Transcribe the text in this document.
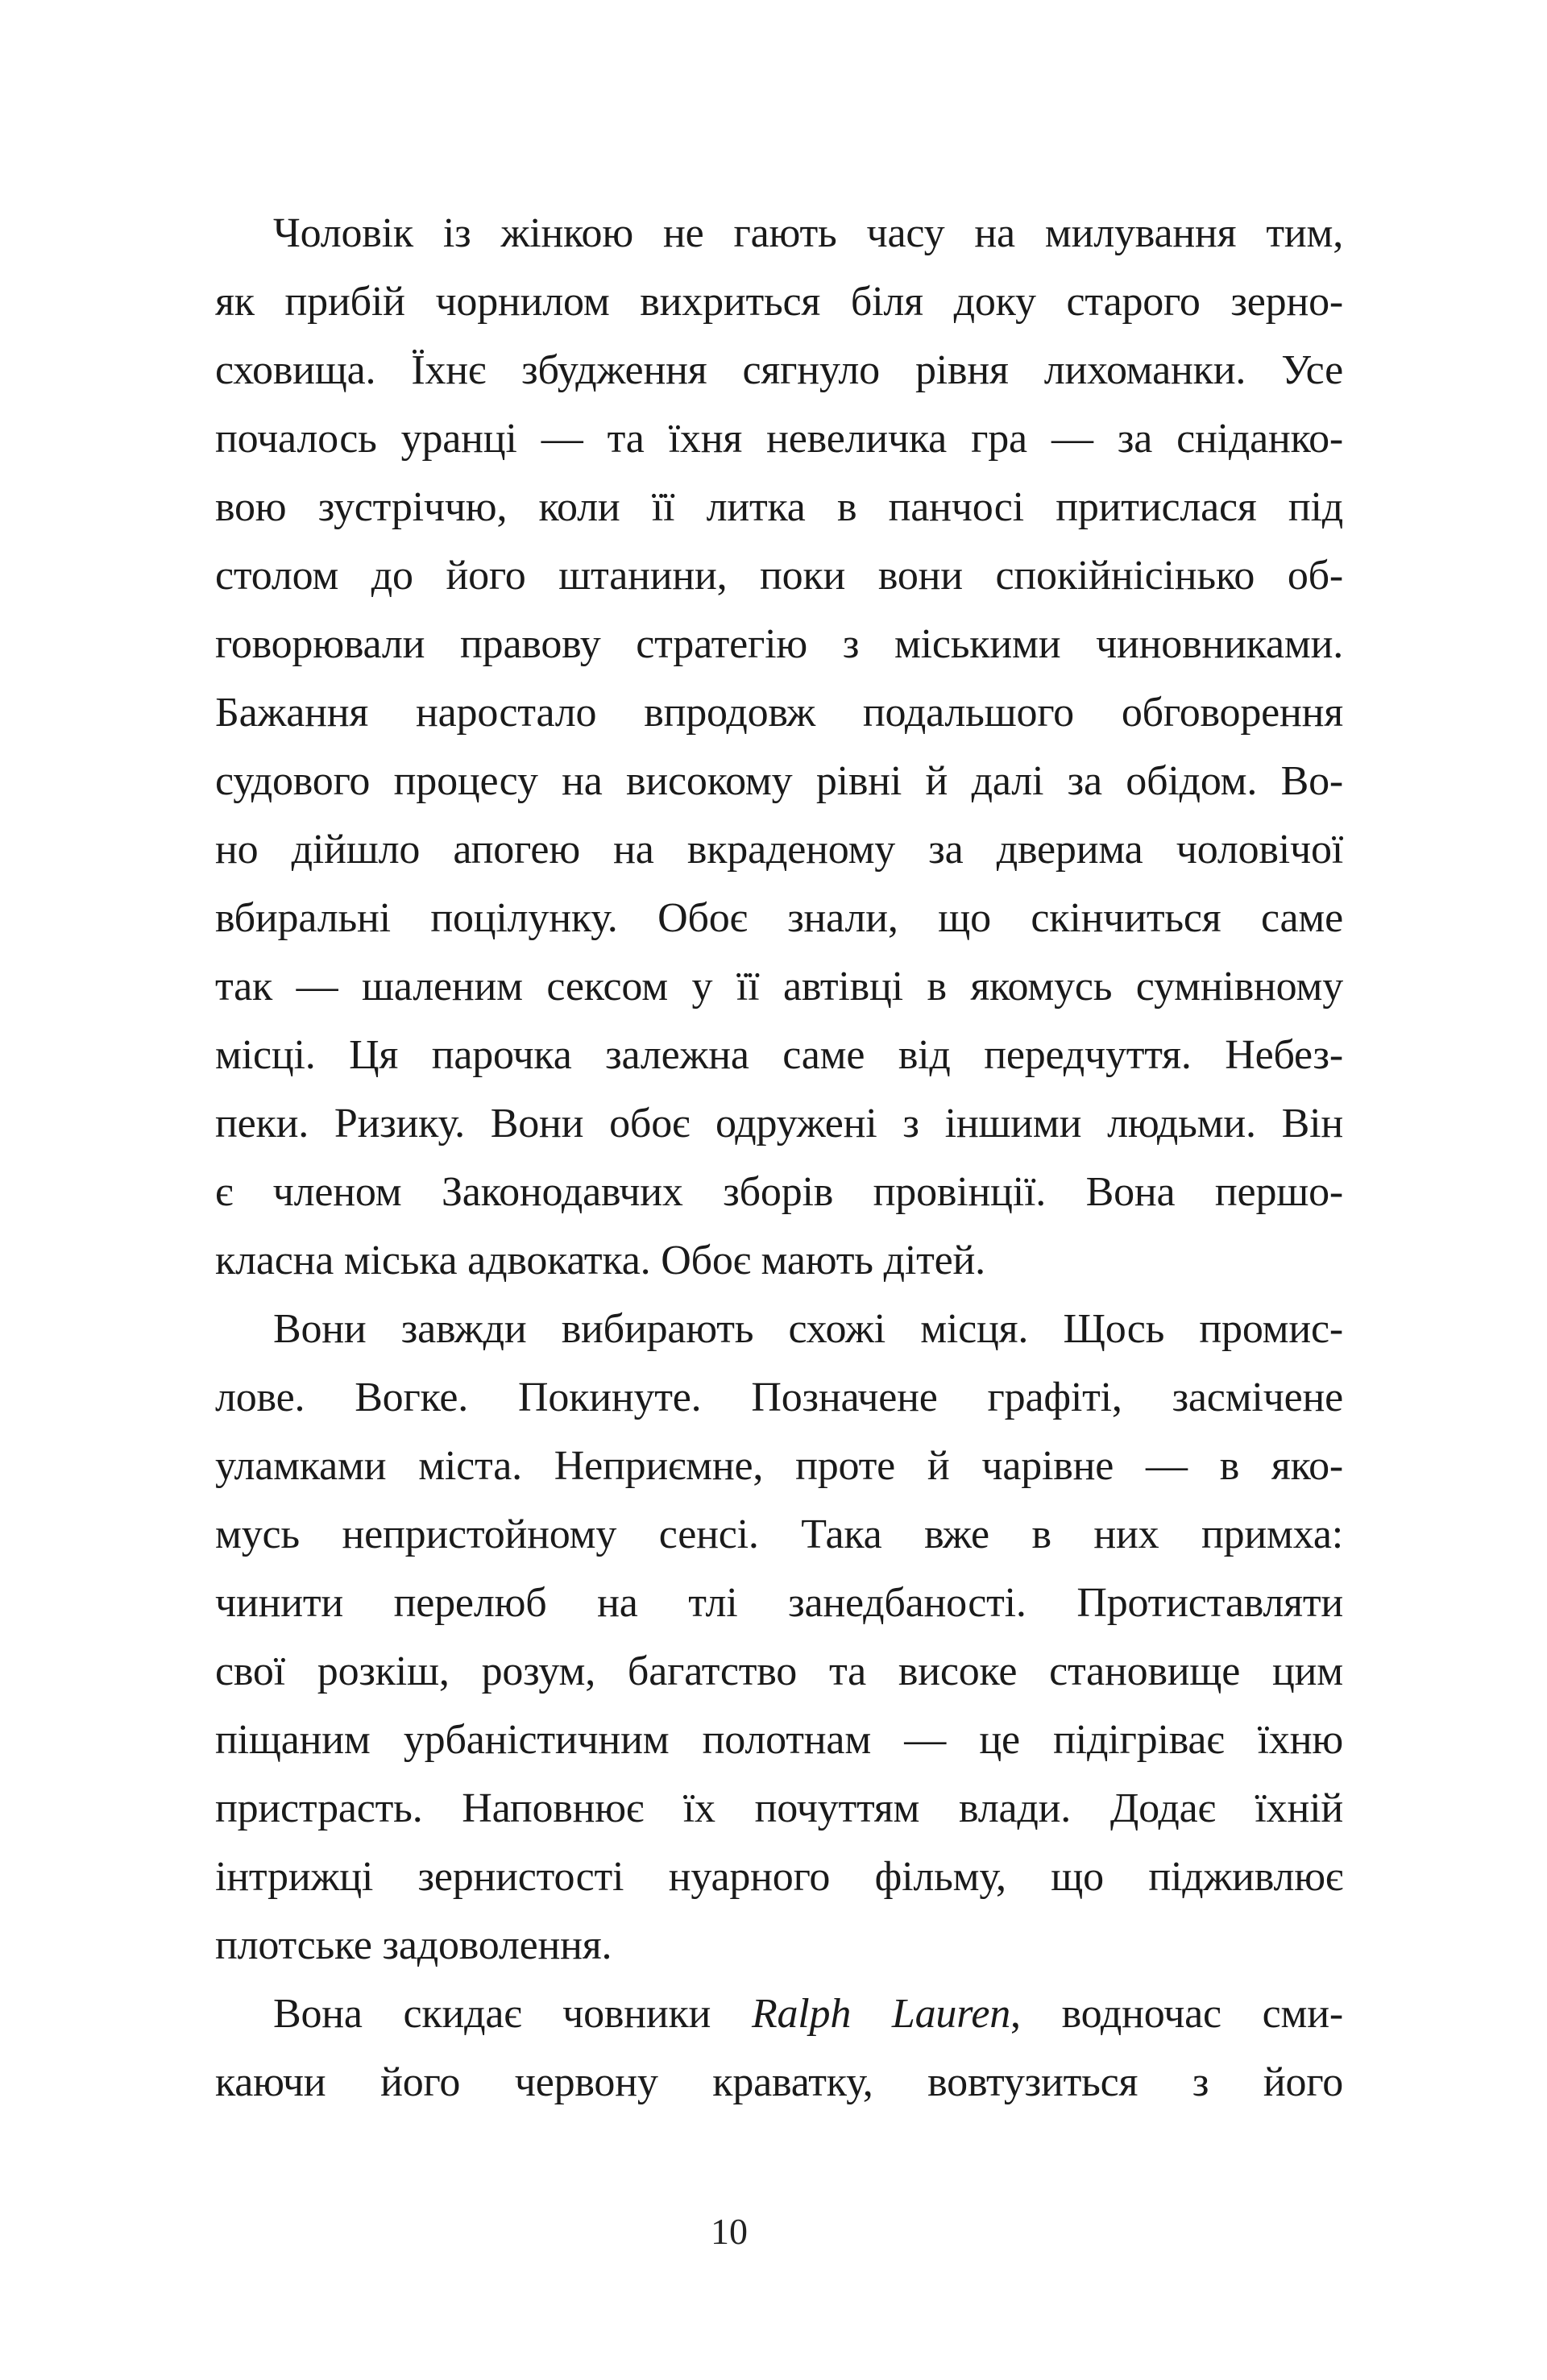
Чоловік із жінкою не гають часу на милування тим,
як прибій чорнилом вихриться біля доку старого зерно-
сховища. Їхнє збудження сягнуло рівня лихоманки. Усе
почалось уранці — та їхня невеличка гра — за сніданко-
вою зустріччю, коли її литка в панчосі притислася під
столом до його штанини, поки вони спокійнісінько об-
говорювали правову стратегію з міськими чиновниками.
Бажання наростало впродовж подальшого обговорення
судового процесу на високому рівні й далі за обідом. Во-
но дійшло апогею на вкраденому за дверима чоловічої
вбиральні поцілунку. Обоє знали, що скінчиться саме
так — шаленим сексом у її автівці в якомусь сумнівному
місці. Ця парочка залежна саме від передчуття. Небез-
пеки. Ризику. Вони обоє одружені з іншими людьми. Він
є членом Законодавчих зборів провінції. Вона першо-
класна міська адвокатка. Обоє мають дітей.
Вони завжди вибирають схожі місця. Щось промис-
лове. Вогке. Покинуте. Позначене графіті, засмічене
уламками міста. Неприємне, проте й чарівне — в яко-
мусь непристойному сенсі. Така вже в них примха:
чинити перелюб на тлі занедбаності. Протиставляти
свої розкіш, розум, багатство та високе становище цим
піщаним урбаністичним полотнам — це підігріває їхню
пристрасть. Наповнює їх почуттям влади. Додає їхній
інтрижці зернистості нуарного фільму, що підживлює
плотське задоволення.
Вона скидає човники Ralph Lauren, водночас сми-
каючи його червону краватку, вовтузиться з його
10
